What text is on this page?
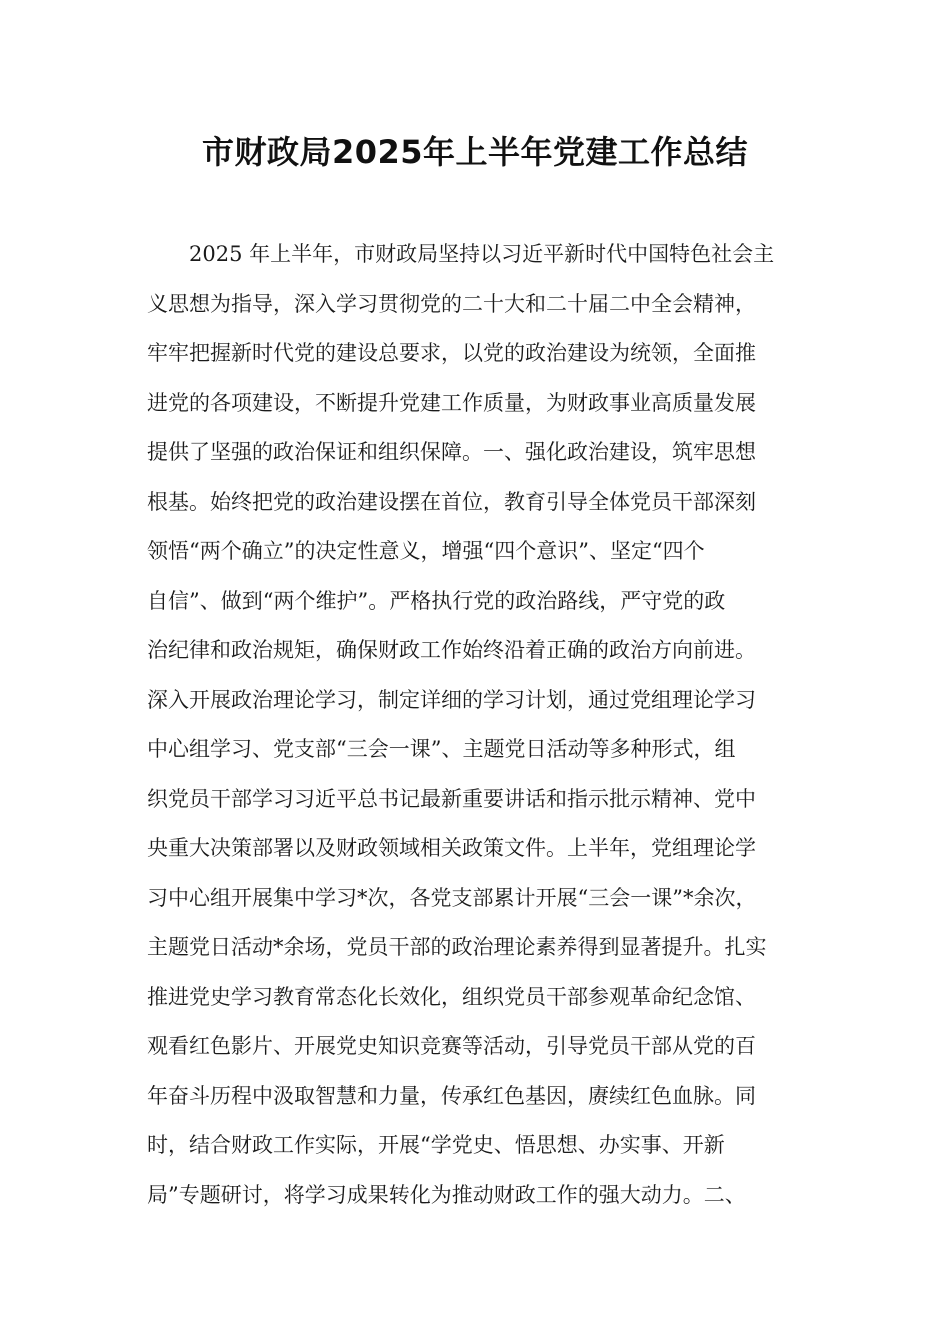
市财政局2025年上半年党建工作总结
2025 年上半年，市财政局坚持以习近平新时代中国特色社会主
义思想为指导，深入学习贯彻党的二十大和二十届二中全会精神，
牢牢把握新时代党的建设总要求，以党的政治建设为统领，全面推
进党的各项建设，不断提升党建工作质量，为财政事业高质量发展
提供了坚强的政治保证和组织保障。一、强化政治建设，筑牢思想
根基。始终把党的政治建设摆在首位，教育引导全体党员干部深刻
领悟“两个确立”的决定性意义，增强“四个意识”、坚定“四个
自信”、做到“两个维护”。严格执行党的政治路线，严守党的政
治纪律和政治规矩，确保财政工作始终沿着正确的政治方向前进。
深入开展政治理论学习，制定详细的学习计划，通过党组理论学习
中心组学习、党支部“三会一课”、主题党日活动等多种形式，组
织党员干部学习习近平总书记最新重要讲话和指示批示精神、党中
央重大决策部署以及财政领域相关政策文件。上半年，党组理论学
习中心组开展集中学习*次，各党支部累计开展“三会一课”*余次，
主题党日活动*余场，党员干部的政治理论素养得到显著提升。扎实
推进党史学习教育常态化长效化，组织党员干部参观革命纪念馆、
观看红色影片、开展党史知识竞赛等活动，引导党员干部从党的百
年奋斗历程中汲取智慧和力量，传承红色基因，赓续红色血脉。同
时，结合财政工作实际，开展“学党史、悟思想、办实事、开新
局”专题研讨，将学习成果转化为推动财政工作的强大动力。二、
